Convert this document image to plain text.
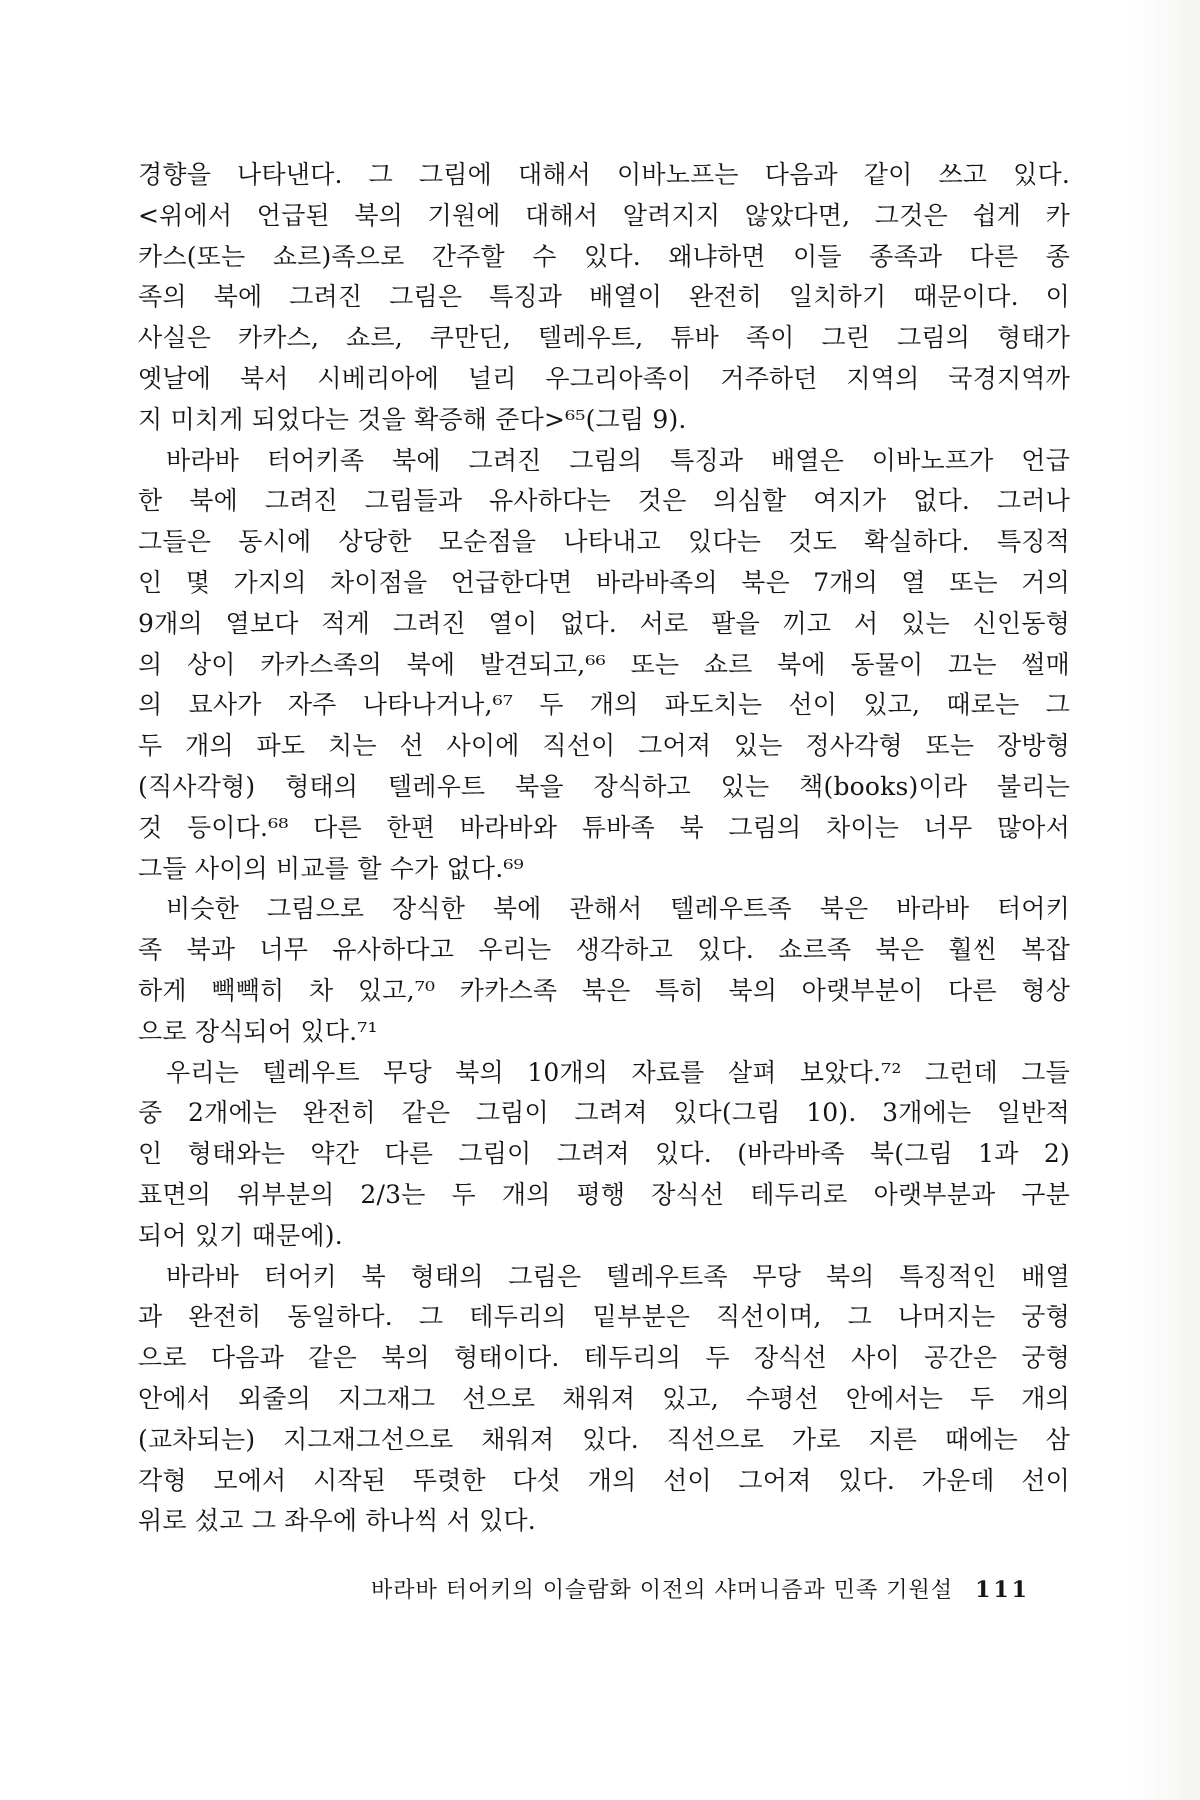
경향을 나타낸다. 그 그림에 대해서 이바노프는 다음과 같이 쓰고 있다.
<위에서 언급된 북의 기원에 대해서 알려지지 않았다면, 그것은 쉽게 카
카스(또는 쇼르)족으로 간주할 수 있다. 왜냐하면 이들 종족과 다른 종
족의 북에 그려진 그림은 특징과 배열이 완전히 일치하기 때문이다. 이
사실은 카카스, 쇼르, 쿠만딘, 텔레우트, 튜바 족이 그린 그림의 형태가
옛날에 북서 시베리아에 널리 우그리아족이 거주하던 지역의 국경지역까
지 미치게 되었다는 것을 확증해 준다>⁶⁵(그림 9).
바라바 터어키족 북에 그려진 그림의 특징과 배열은 이바노프가 언급
한 북에 그려진 그림들과 유사하다는 것은 의심할 여지가 없다. 그러나
그들은 동시에 상당한 모순점을 나타내고 있다는 것도 확실하다. 특징적
인 몇 가지의 차이점을 언급한다면 바라바족의 북은 7개의 열 또는 거의
9개의 열보다 적게 그려진 열이 없다. 서로 팔을 끼고 서 있는 신인동형
의 상이 카카스족의 북에 발견되고,⁶⁶ 또는 쇼르 북에 동물이 끄는 썰매
의 묘사가 자주 나타나거나,⁶⁷ 두 개의 파도치는 선이 있고, 때로는 그
두 개의 파도 치는 선 사이에 직선이 그어져 있는 정사각형 또는 장방형
(직사각형) 형태의 텔레우트 북을 장식하고 있는 책(books)이라 불리는
것 등이다.⁶⁸ 다른 한편 바라바와 튜바족 북 그림의 차이는 너무 많아서
그들 사이의 비교를 할 수가 없다.⁶⁹
비슷한 그림으로 장식한 북에 관해서 텔레우트족 북은 바라바 터어키
족 북과 너무 유사하다고 우리는 생각하고 있다. 쇼르족 북은 훨씬 복잡
하게 빽빽히 차 있고,⁷⁰ 카카스족 북은 특히 북의 아랫부분이 다른 형상
으로 장식되어 있다.⁷¹
우리는 텔레우트 무당 북의 10개의 자료를 살펴 보았다.⁷² 그런데 그들
중 2개에는 완전히 같은 그림이 그려져 있다(그림 10). 3개에는 일반적
인 형태와는 약간 다른 그림이 그려져 있다. (바라바족 북(그림 1과 2)
표면의 위부분의 2/3는 두 개의 평행 장식선 테두리로 아랫부분과 구분
되어 있기 때문에).
바라바 터어키 북 형태의 그림은 텔레우트족 무당 북의 특징적인 배열
과 완전히 동일하다. 그 테두리의 밑부분은 직선이며, 그 나머지는 궁형
으로 다음과 같은 북의 형태이다. 테두리의 두 장식선 사이 공간은 궁형
안에서 외줄의 지그재그 선으로 채워져 있고, 수평선 안에서는 두 개의
(교차되는) 지그재그선으로 채워져 있다. 직선으로 가로 지른 때에는 삼
각형 모에서 시작된 뚜렷한 다섯 개의 선이 그어져 있다. 가운데 선이
위로 섰고 그 좌우에 하나씩 서 있다.
바라바 터어키의 이슬람화 이전의 샤머니즘과 민족 기원설 111
